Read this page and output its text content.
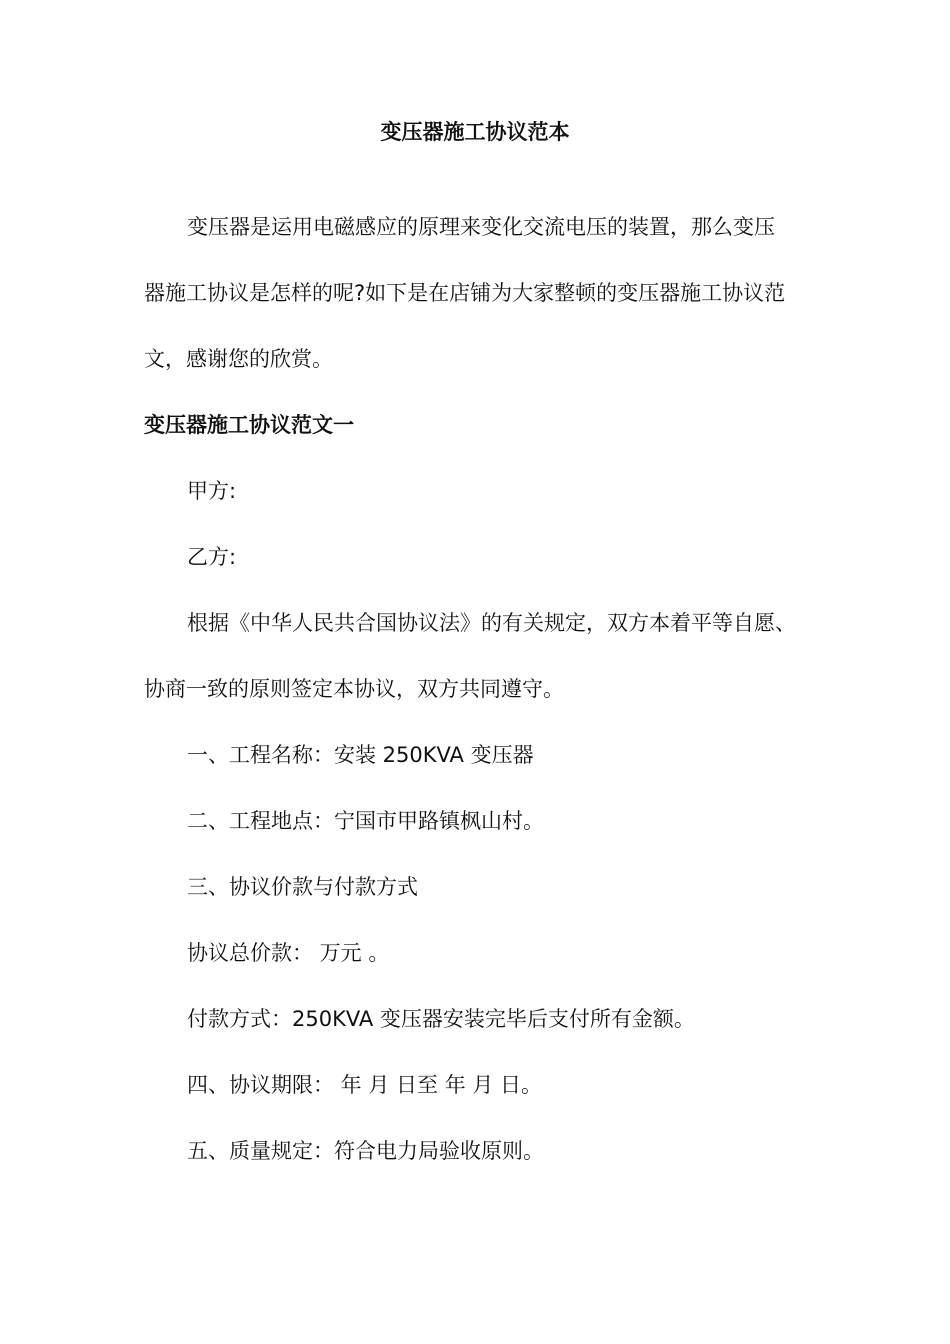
变压器施工协议范本
变压器是运用电磁感应的原理来变化交流电压的装置，那么变压
器施工协议是怎样的呢?如下是在店铺为大家整顿的变压器施工协议范
文，感谢您的欣赏。
变压器施工协议范文一
甲方:
乙方:
根据《中华人民共合国协议法》的有关规定，双方本着平等自愿、
协商一致的原则签定本协议，双方共同遵守。
一、工程名称：安装 250KVA 变压器
二、工程地点：宁国市甲路镇枫山村。
三、协议价款与付款方式
协议总价款： 万元 。
付款方式：250KVA 变压器安装完毕后支付所有金额。
四、协议期限： 年 月 日至 年 月 日。
五、质量规定：符合电力局验收原则。
